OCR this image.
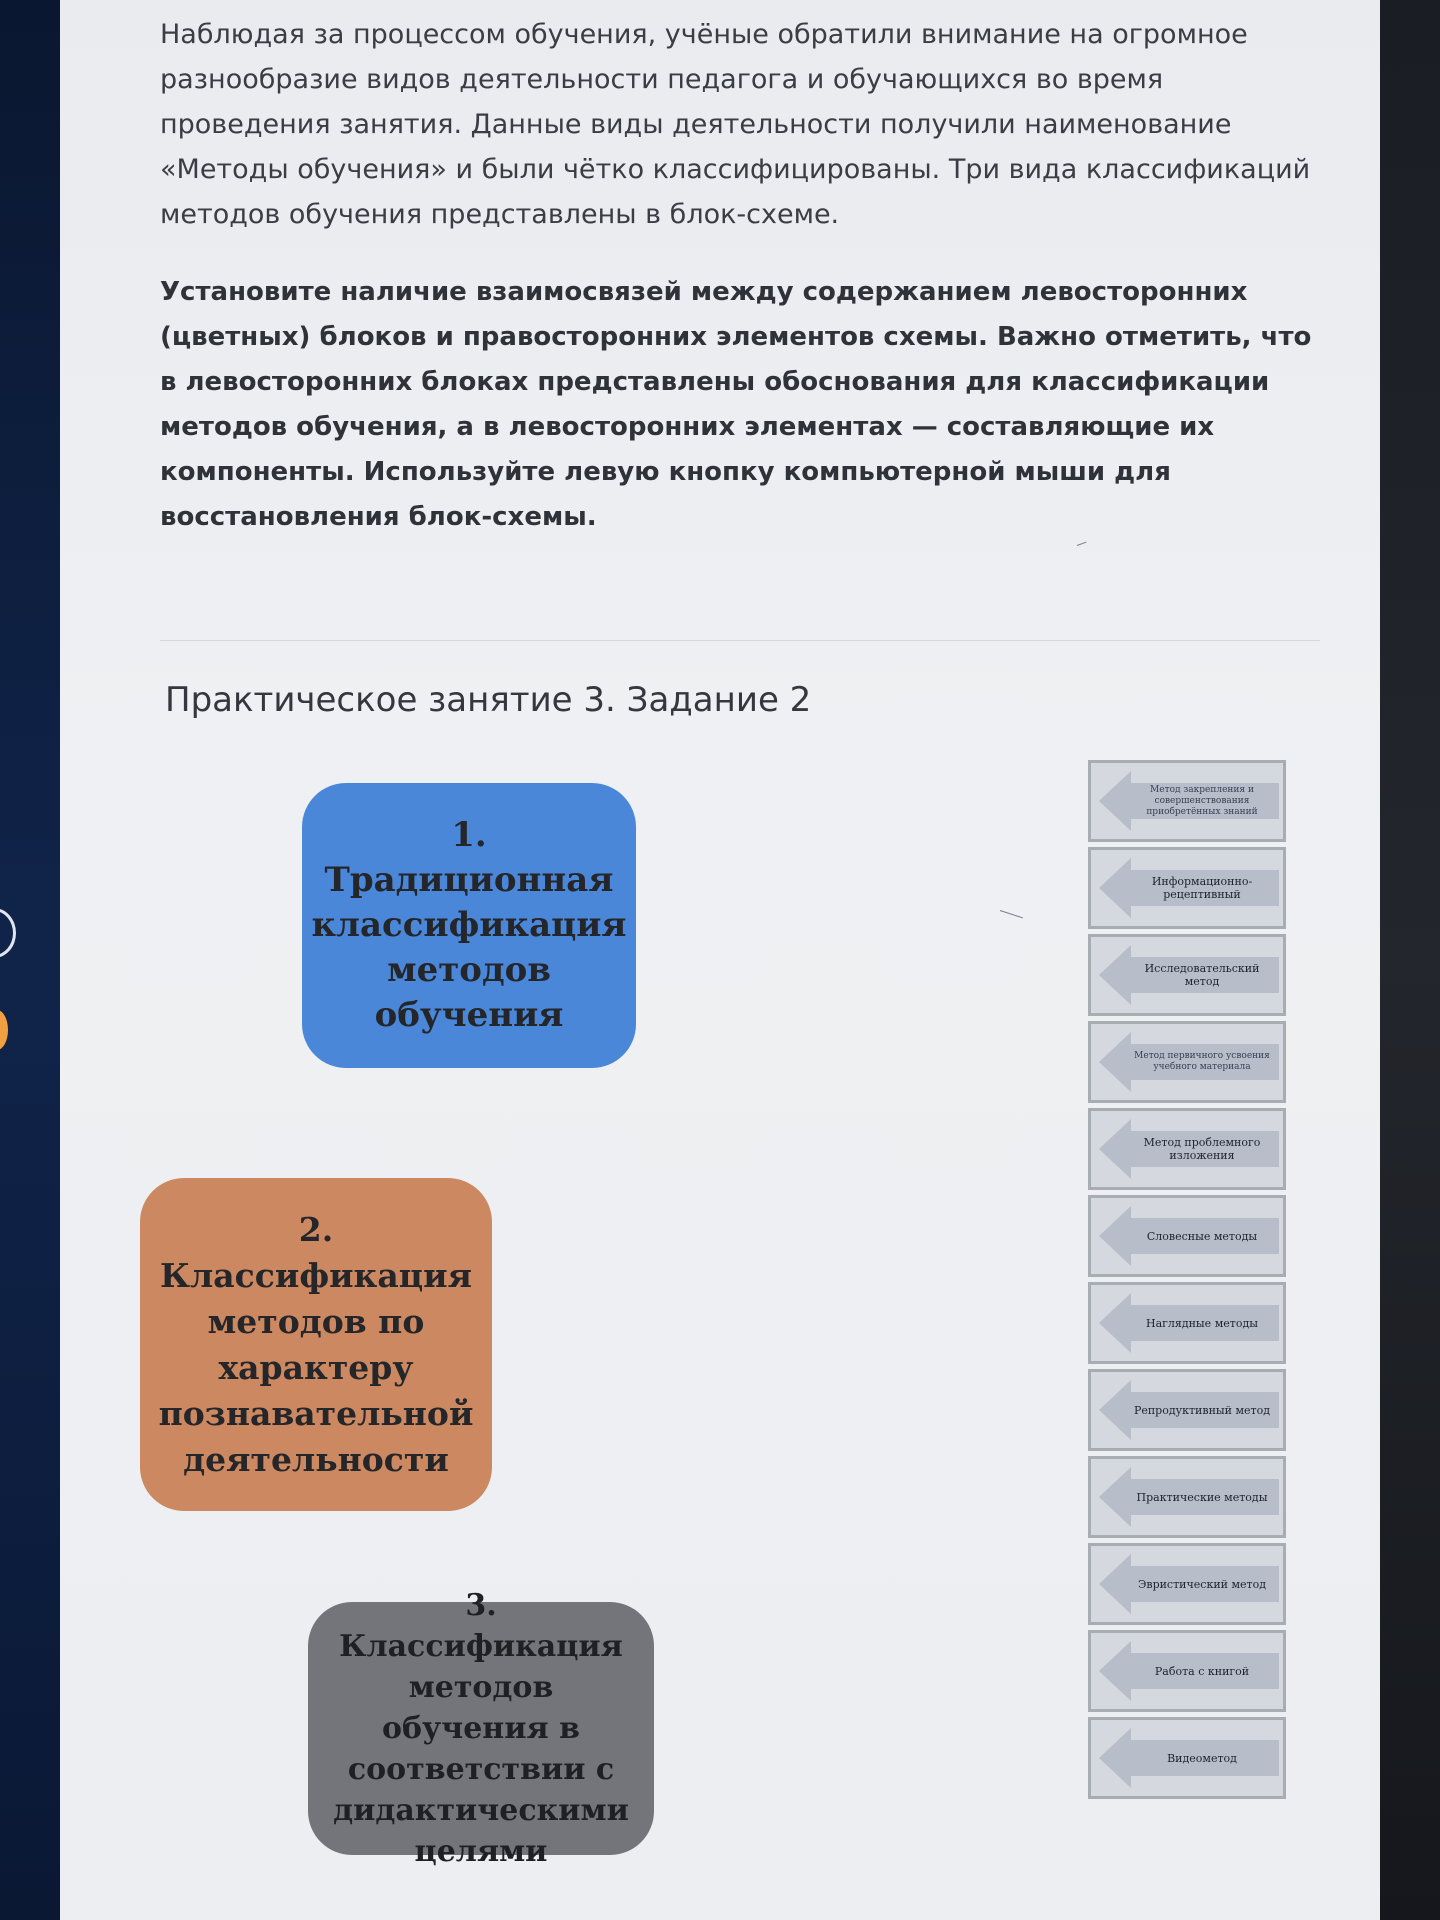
Наблюдая за процессом обучения, учёные обратили внимание на огромное разнообразие видов деятельности педагога и обучающихся во время проведения занятия. Данные виды деятельности получили наименование «Методы обучения» и были чётко классифицированы. Три вида классификаций методов обучения представлены в блок-схеме.

Установите наличие взаимосвязей между содержанием левосторонних (цветных) блоков и правосторонних элементов схемы. Важно отметить, что в левосторонних блоках представлены обоснования для классификации методов обучения, а в левосторонних элементах — составляющие их компоненты. Используйте левую кнопку компьютерной мыши для восстановления блок-схемы.

Практическое занятие 3. Задание 2
1.
Традиционная классификация методов обучения
2.
Классификация методов по характеру познавательной деятельности
3. Классификация методов обучения в соответствии с дидактическими целями
Метод закрепления и совершенствования приобретённых знаний
Информационно-рецептивный
Исследовательский метод
Метод первичного усвоения учебного материала
Метод проблемного изложения
Словесные методы
Наглядные методы
Репродуктивный метод
Практические методы
Эвристический метод
Работа с книгой
Видеометод
